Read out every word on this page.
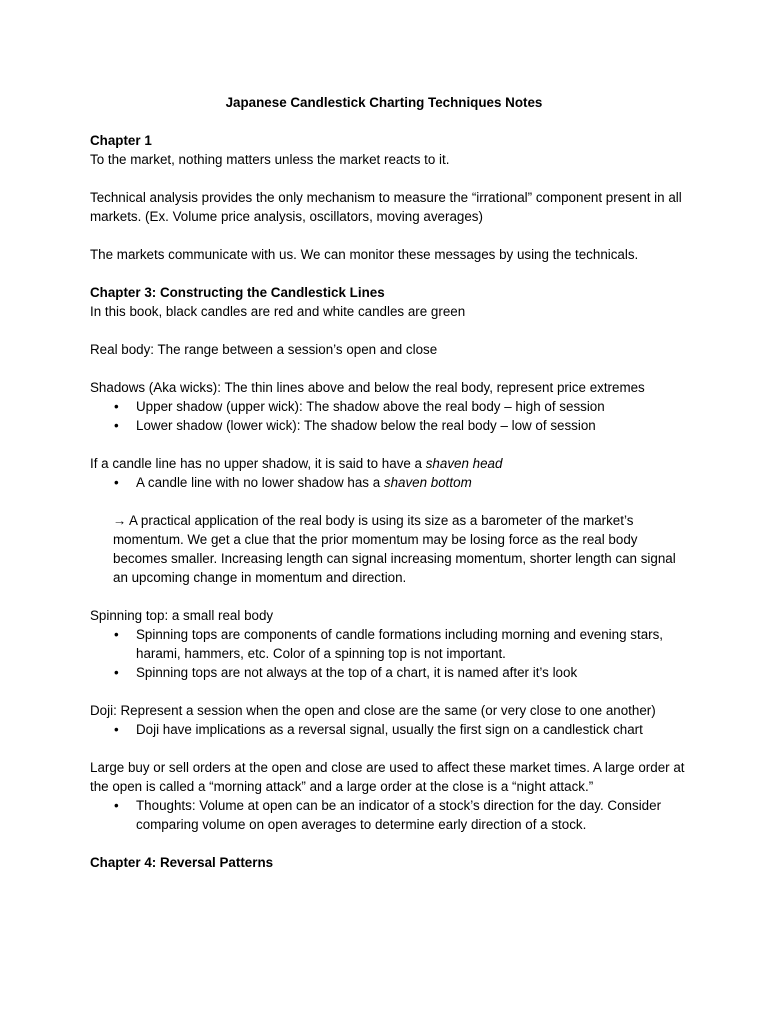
Japanese Candlestick Charting Techniques Notes
Chapter 1

To the market, nothing matters unless the market reacts to it.

Technical analysis provides the only mechanism to measure the “irrational” component present in all markets. (Ex. Volume price analysis, oscillators, moving averages)

The markets communicate with us. We can monitor these messages by using the technicals.

Chapter 3: Constructing the Candlestick Lines

In this book, black candles are red and white candles are green

Real body: The range between a session’s open and close

Shadows (Aka wicks): The thin lines above and below the real body, represent price extremes

• Upper shadow (upper wick): The shadow above the real body – high of session
• Lower shadow (lower wick): The shadow below the real body – low of session

If a candle line has no upper shadow, it is said to have a shaven head

• A candle line with no lower shadow has a shaven bottom

→ A practical application of the real body is using its size as a barometer of the market’s momentum. We get a clue that the prior momentum may be losing force as the real body becomes smaller. Increasing length can signal increasing momentum, shorter length can signal an upcoming change in momentum and direction.

Spinning top: a small real body

• Spinning tops are components of candle formations including morning and evening stars, harami, hammers, etc. Color of a spinning top is not important.
• Spinning tops are not always at the top of a chart, it is named after it’s look

Doji: Represent a session when the open and close are the same (or very close to one another)

• Doji have implications as a reversal signal, usually the first sign on a candlestick chart

Large buy or sell orders at the open and close are used to affect these market times. A large order at the open is called a “morning attack” and a large order at the close is a “night attack.”

• Thoughts: Volume at open can be an indicator of a stock’s direction for the day. Consider comparing volume on open averages to determine early direction of a stock.
Chapter 4: Reversal Patterns
